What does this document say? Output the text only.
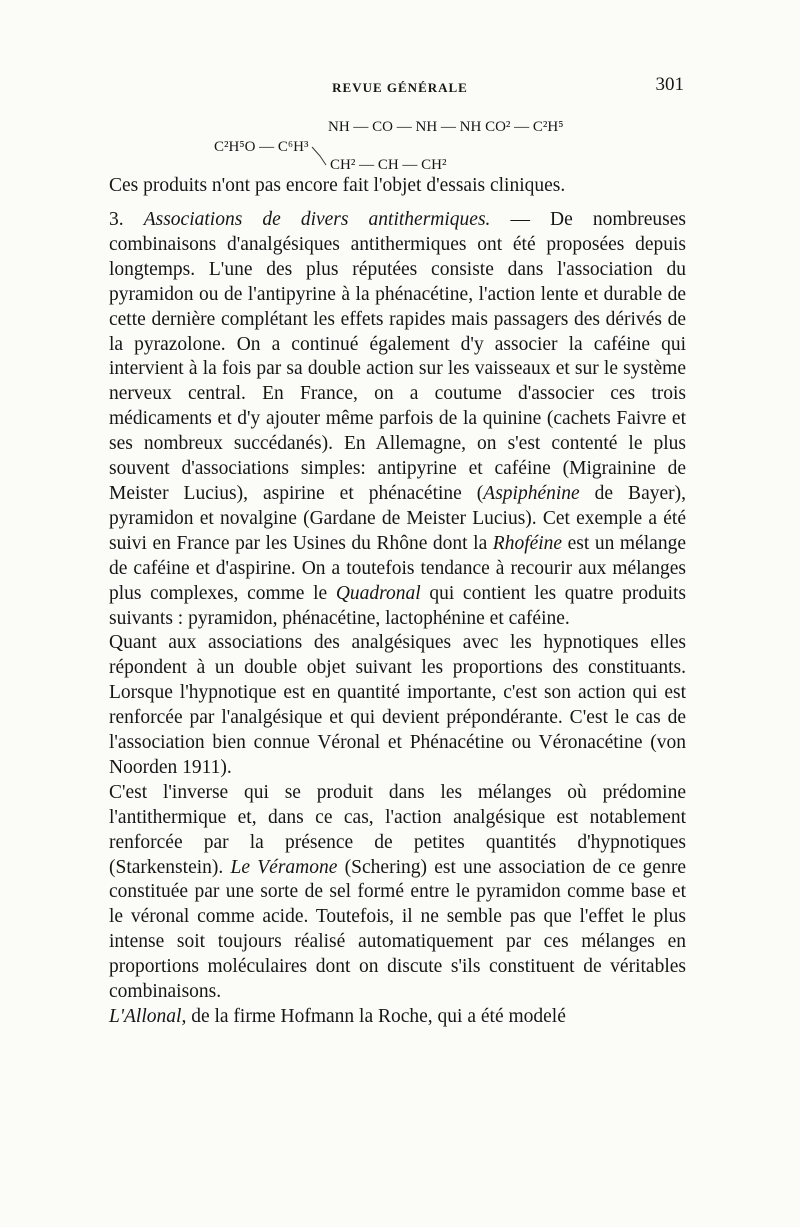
REVUE GÉNÉRALE	301
NH — CO — NH — NH CO² — C²H⁵
C²H⁵O — C⁶H³
CH² — CH — CH²

Ces produits n'ont pas encore fait l'objet d'essais cliniques.

3. Associations de divers antithermiques. — De nombreuses combinaisons d'analgésiques antithermiques ont été proposées depuis longtemps. L'une des plus réputées consiste dans l'association du pyramidon ou de l'antipyrine à la phénacétine, l'action lente et durable de cette dernière complétant les effets rapides mais passagers des dérivés de la pyrazolone. On a continué également d'y associer la caféine qui intervient à la fois par sa double action sur les vaisseaux et sur le système nerveux central. En France, on a coutume d'associer ces trois médicaments et d'y ajouter même parfois de la quinine (cachets Faivre et ses nombreux succédanés). En Allemagne, on s'est contenté le plus souvent d'associations simples: antipyrine et caféine (Migrainine de Meister Lucius), aspirine et phénacétine (Aspiphénine de Bayer), pyramidon et novalgine (Gardane de Meister Lucius). Cet exemple a été suivi en France par les Usines du Rhône dont la Rhoféine est un mélange de caféine et d'aspirine. On a toutefois tendance à recourir aux mélanges plus complexes, comme le Quadronal qui contient les quatre produits suivants : pyramidon, phénacétine, lactophénine et caféine.

Quant aux associations des analgésiques avec les hypnotiques elles répondent à un double objet suivant les proportions des constituants. Lorsque l'hypnotique est en quantité importante, c'est son action qui est renforcée par l'analgésique et qui devient prépondérante. C'est le cas de l'association bien connue Véronal et Phénacétine ou Véronacétine (von Noorden 1911).

C'est l'inverse qui se produit dans les mélanges où prédomine l'antithermique et, dans ce cas, l'action analgésique est notablement renforcée par la présence de petites quantités d'hypnotiques (Starkenstein). Le Véramone (Schering) est une association de ce genre constituée par une sorte de sel formé entre le pyramidon comme base et le véronal comme acide. Toutefois, il ne semble pas que l'effet le plus intense soit toujours réalisé automatiquement par ces mélanges en proportions moléculaires dont on discute s'ils constituent de véritables combinaisons.

L'Allonal, de la firme Hofmann la Roche, qui a été modelé
